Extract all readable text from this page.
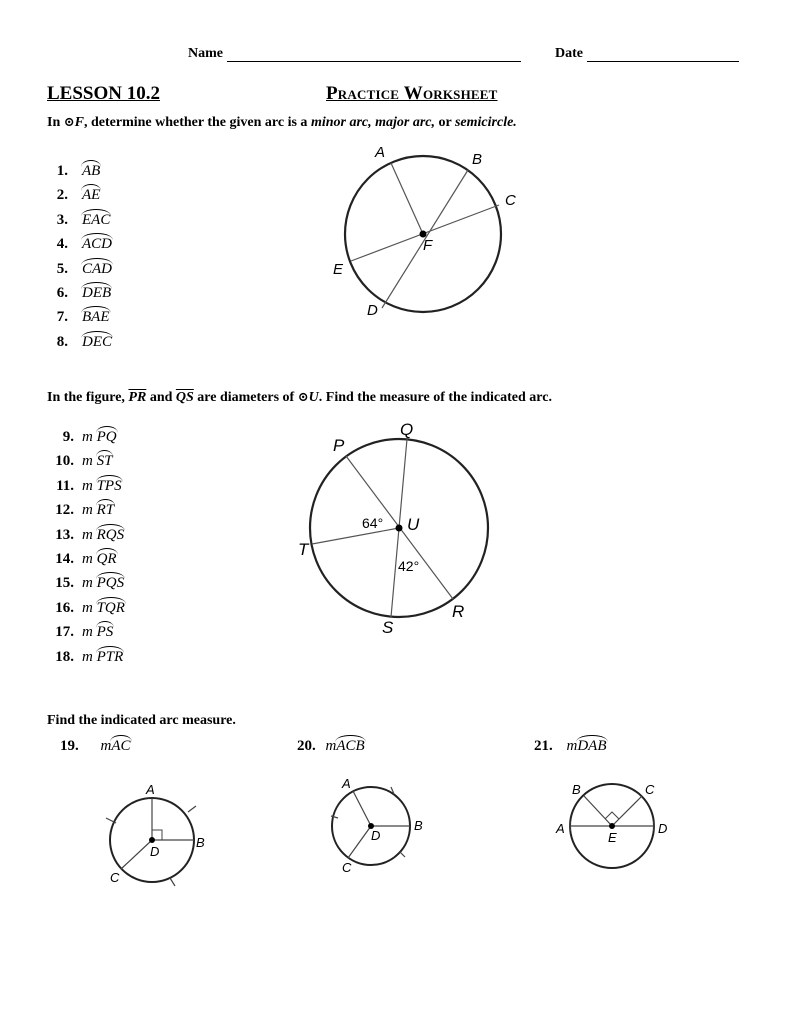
Name	Date
LESSON 10.2	Practice Worksheet
In ⊙F, determine whether the given arc is a minor arc, major arc, or semicircle.
1. AB
2. AE
3. EAC
4. ACD
5. CAD
6. DEB
7. BAE
8. DEC
A	B
C
D
E
F
In the figure, $\overline{PR}$ and $\overline{QS}$ are diameters of ⊙U. Find the measure of the indicated arc.
9. m PQ
10. m ST
11. m TPS
12. m RT
13. m RQS
14. m QR
15. m PQS
16. m TQR
17. m PS
18. m PTR
P
Q
R
S
T
U
64°
42°
Find the indicated arc measure.
19. mAC	20. mACB	21. mDAB
A
B
C
D
A
B
C
D
B	C
A	D
E
